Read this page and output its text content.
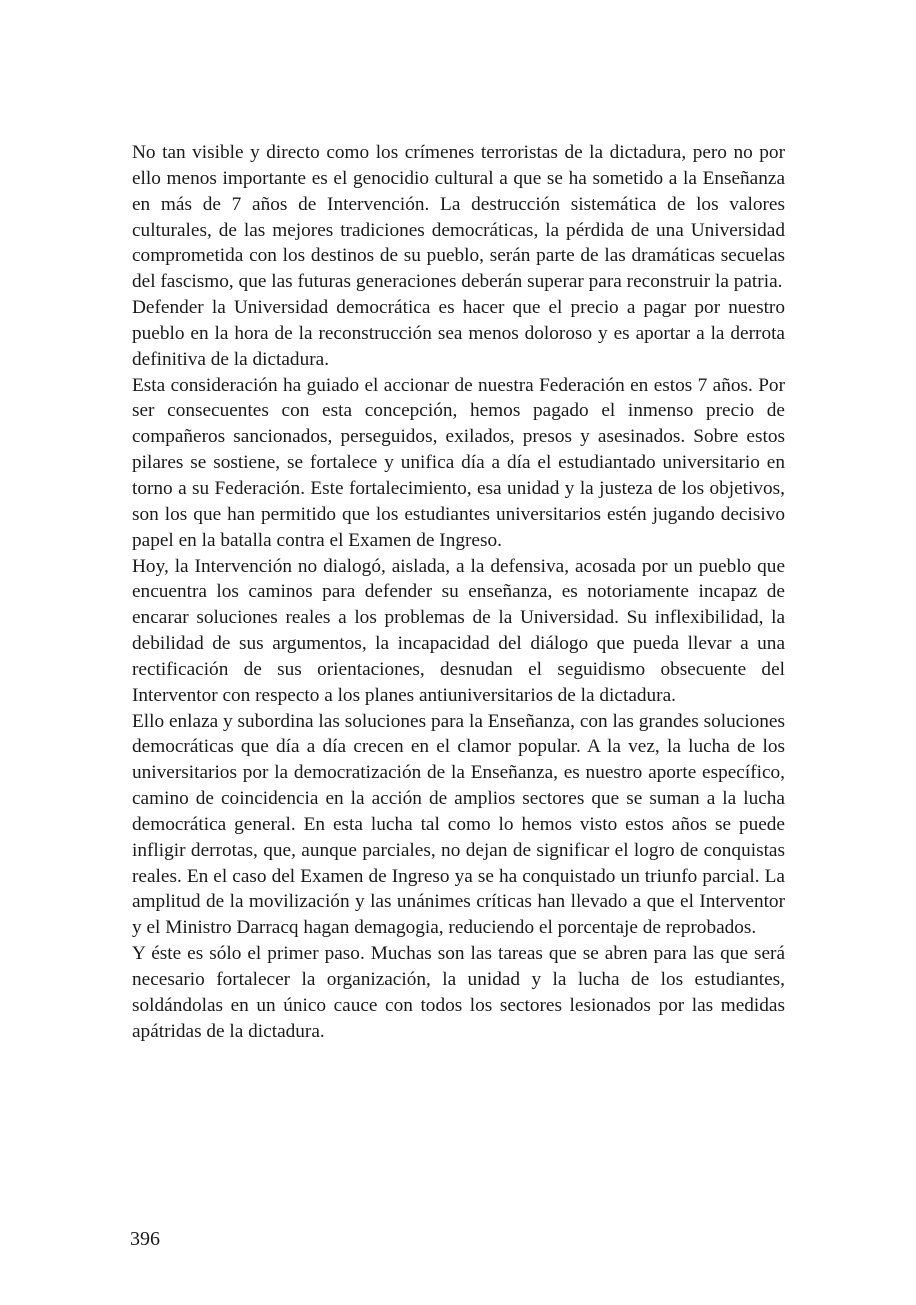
No tan visible y directo como los crímenes terroristas de la dictadura, pero no por ello menos importante es el genocidio cultural a que se ha sometido a la Enseñanza en más de 7 años de Intervención. La destrucción sistemática de los valores culturales, de las mejores tradiciones democráticas, la pérdida de una Universidad comprometida con los destinos de su pueblo, serán parte de las dramáticas secuelas del fascismo, que las futuras generaciones deberán superar para reconstruir la patria.

Defender la Universidad democrática es hacer que el precio a pagar por nuestro pueblo en la hora de la reconstrucción sea menos doloroso y es aportar a la derrota definitiva de la dictadura.

Esta consideración ha guiado el accionar de nuestra Federación en estos 7 años. Por ser consecuentes con esta concepción, hemos pagado el inmenso precio de compañeros sancionados, perseguidos, exilados, presos y asesinados. Sobre estos pilares se sostiene, se fortalece y unifica día a día el estudiantado universitario en torno a su Federación. Este fortalecimiento, esa unidad y la justeza de los objetivos, son los que han permitido que los estudiantes universitarios estén jugando decisivo papel en la batalla contra el Examen de Ingreso.

Hoy, la Intervención no dialogó, aislada, a la defensiva, acosada por un pueblo que encuentra los caminos para defender su enseñanza, es notoriamente incapaz de encarar soluciones reales a los problemas de la Universidad. Su inflexibilidad, la debilidad de sus argumentos, la incapacidad del diálogo que pueda llevar a una rectificación de sus orientaciones, desnudan el seguidismo obsecuente del Interventor con respecto a los planes antiuniversitarios de la dictadura.

Ello enlaza y subordina las soluciones para la Enseñanza, con las grandes soluciones democráticas que día a día crecen en el clamor popular. A la vez, la lucha de los universitarios por la democratización de la Enseñanza, es nuestro aporte específico, camino de coincidencia en la acción de amplios sectores que se suman a la lucha democrática general. En esta lucha tal como lo hemos visto estos años se puede infligir derrotas, que, aunque parciales, no dejan de significar el logro de conquistas reales. En el caso del Examen de Ingreso ya se ha conquistado un triunfo parcial. La amplitud de la movilización y las unánimes críticas han llevado a que el Interventor y el Ministro Darracq hagan demagogia, reduciendo el porcentaje de reprobados.

Y éste es sólo el primer paso. Muchas son las tareas que se abren para las que será necesario fortalecer la organización, la unidad y la lucha de los estudiantes, soldándolas en un único cauce con todos los sectores lesionados por las medidas apátridas de la dictadura.

396
